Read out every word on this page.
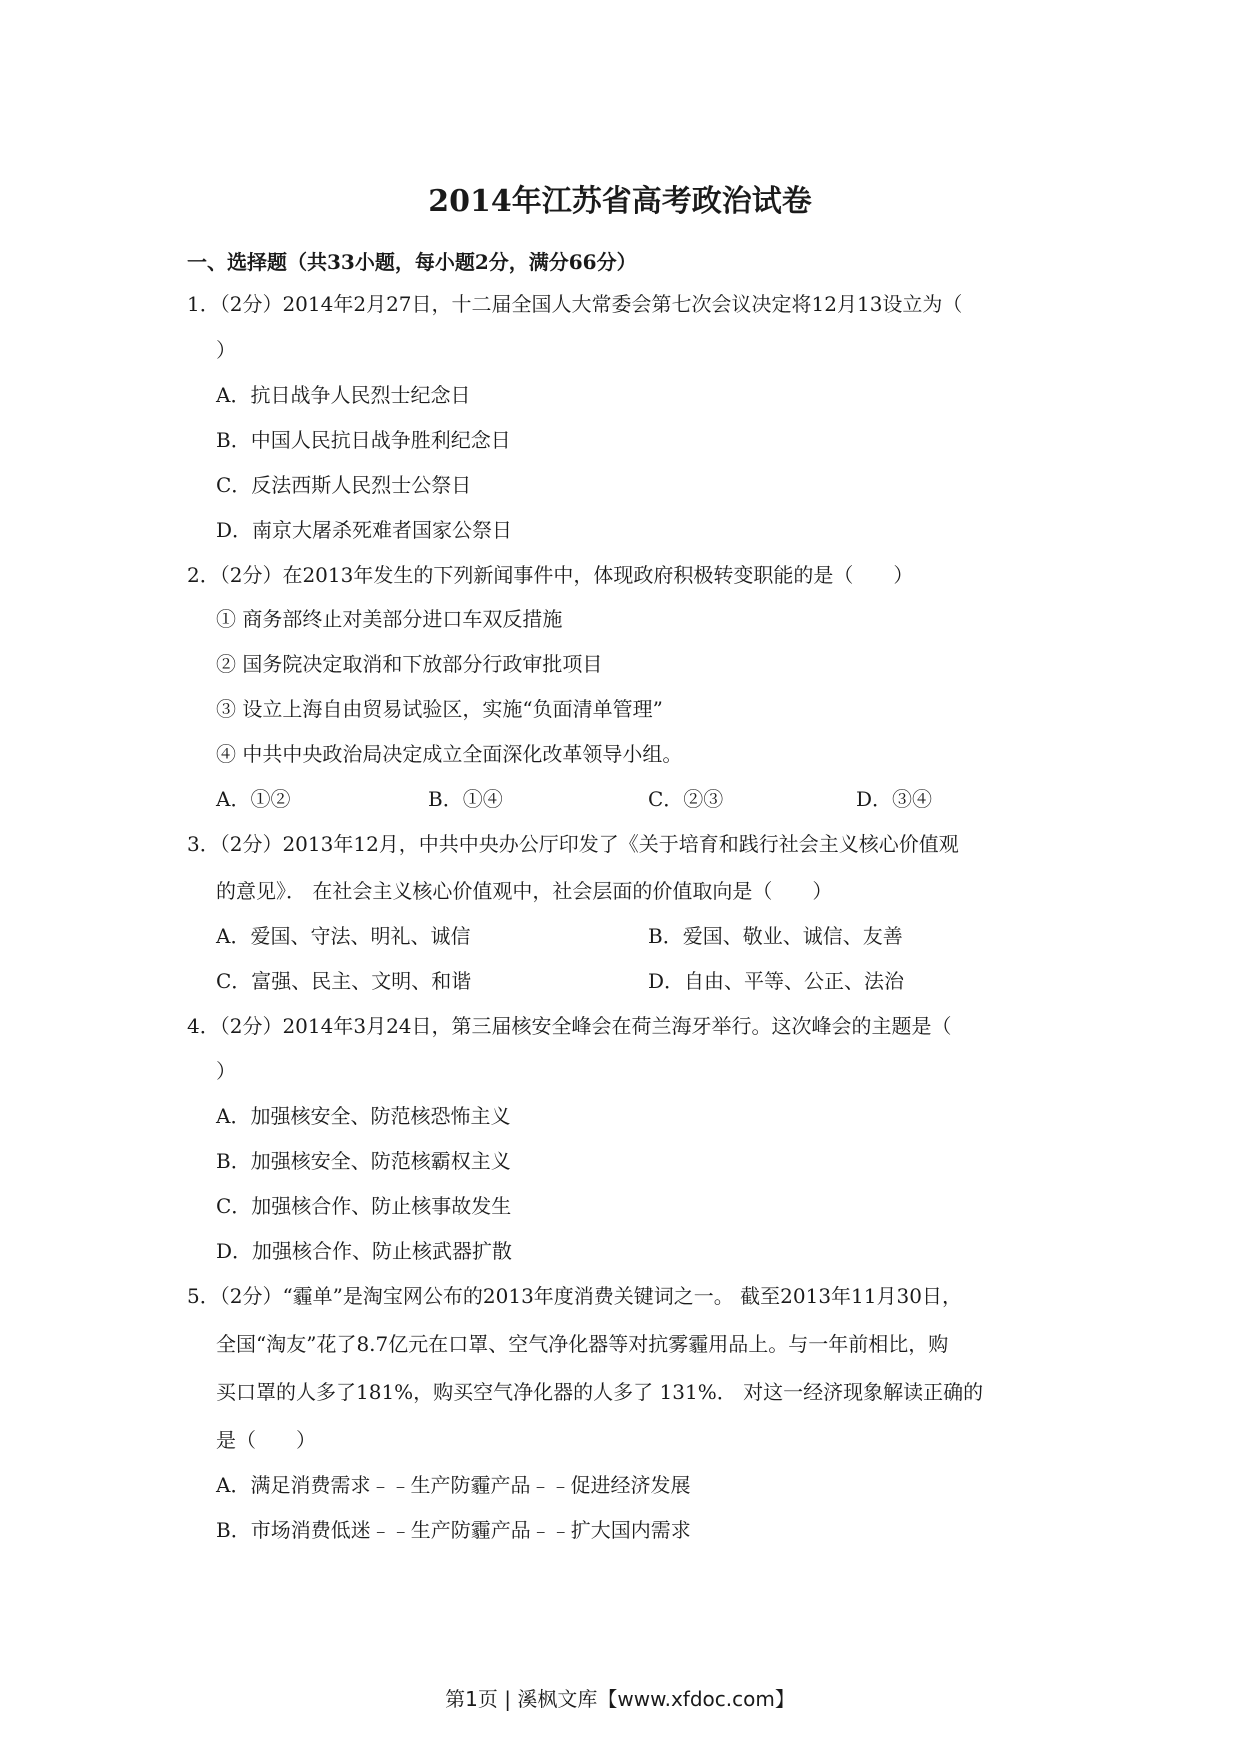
2014年江苏省高考政治试卷
一、选择题（共33小题，每小题2分，满分66分）
1．（2分）2014年2月27日，十二届全国人大常委会第七次会议决定将12月13设立为（
）
A．抗日战争人民烈士纪念日
B．中国人民抗日战争胜利纪念日
C．反法西斯人民烈士公祭日
D．南京大屠杀死难者国家公祭日
2．（2分）在2013年发生的下列新闻事件中，体现政府积极转变职能的是（　　）
① 商务部终止对美部分进口车双反措施
② 国务院决定取消和下放部分行政审批项目
③ 设立上海自由贸易试验区，实施“负面清单管理”
④ 中共中央政治局决定成立全面深化改革领导小组。
A．①②	B．①④	C．②③	D．③④
3．（2分）2013年12月，中共中央办公厅印发了《关于培育和践行社会主义核心价值观
的意见》． 在社会主义核心价值观中，社会层面的价值取向是（　　）
A．爱国、守法、明礼、诚信	B．爱国、敬业、诚信、友善
C．富强、民主、文明、和谐	D．自由、平等、公正、法治
4．（2分）2014年3月24日，第三届核安全峰会在荷兰海牙举行。这次峰会的主题是（
）
A．加强核安全、防范核恐怖主义
B．加强核安全、防范核霸权主义
C．加强核合作、防止核事故发生
D．加强核合作、防止核武器扩散
5．（2分）“霾单”是淘宝网公布的2013年度消费关键词之一。 截至2013年11月30日，
全国“淘友”花了8.7亿元在口罩、空气净化器等对抗雾霾用品上。与一年前相比，购
买口罩的人多了181%，购买空气净化器的人多了 131%． 对这一经济现象解读正确的
是（　　）
A．满足消费需求﹣﹣生产防霾产品﹣﹣促进经济发展
B．市场消费低迷﹣﹣生产防霾产品﹣﹣扩大国内需求
第1页 | 溪枫文库【www.xfdoc.com】
